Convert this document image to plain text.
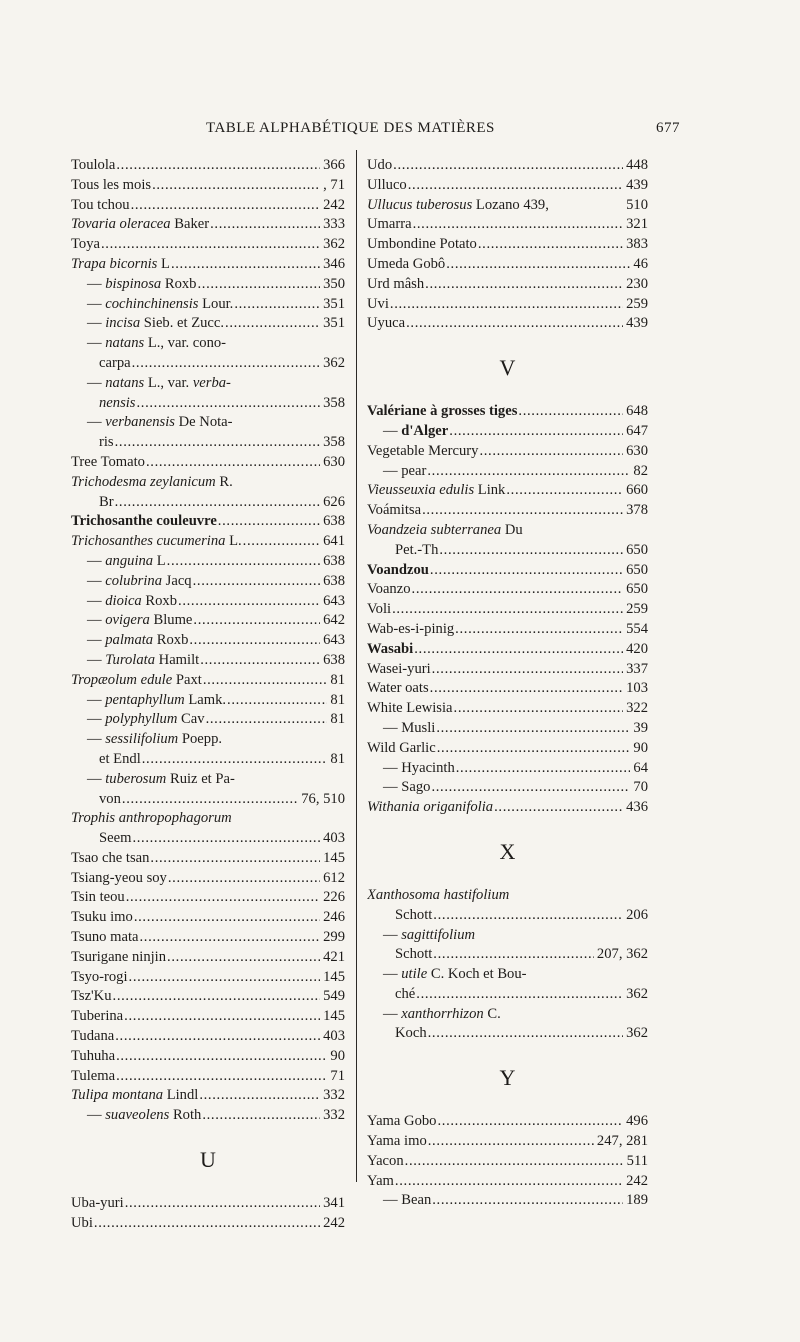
TABLE ALPHABÉTIQUE DES MATIÈRES	677
Toulola . . .	366
Tous les mois . . .	, 71
Tou tchou . . .	242
Tovaria oleracea Baker . . .	333
Toya . . .	362
Trapa bicornis L . . .	346
— bispinosa Roxb . . .	350
— cochinchinensis Lour. . . .	351
— incisa Sieb. et Zucc. . . .	351
— natans L., var. cono-
carpa . . .	362
— natans L., var. verba-
nensis . . .	358
— verbanensis De Nota-
ris . . .	358
Tree Tomato . . .	630
Trichodesma zeylanicum R.
Br . . .	626
Trichosanthe couleuvre . . .	638
Trichosanthes cucumerina L. . . .	641
— anguina L . . .	638
— colubrina Jacq . . .	638
— dioica Roxb . . .	643
— ovigera Blume . . .	642
— palmata Roxb . . .	643
— Turolata Hamilt . . .	638
Tropæolum edule Paxt . . .	81
— pentaphyllum Lamk. . . .	81
— polyphyllum Cav . . .	81
— sessilifolium Poepp.
et Endl . . .	81
— tuberosum Ruiz et Pa-
von . . .	76, 510
Trophis anthropophagorum
Seem . . .	403
Tsao che tsan . . .	145
Tsiang-yeou soy . . .	612
Tsin teou . . .	226
Tsuku imo . . .	246
Tsuno mata . . .	299
Tsurigane ninjin . . .	421
Tsyo-rogi . . .	145
Tsz'Ku . . .	549
Tuberina . . .	145
Tudana . . .	403
Tuhuha . . .	90
Tulema . . .	71
Tulipa montana Lindl . . .	332
— suaveolens Roth . . .	332
U
Uba-yuri . . .	341
Ubi . . .	242
Udo . . .	448
Ulluco . . .	439
Ullucus tuberosus Lozano 439,	510
Umarra . . .	321
Umbondine Potato . . .	383
Umeda Gobô . . .	46
Urd mâsh . . .	230
Uvi . . .	259
Uyuca . . .	439
V
Valériane à grosses tiges . . .	648
— d'Alger . . .	647
Vegetable Mercury . . .	630
— pear . . .	82
Vieusseuxia edulis Link . . .	660
Voámitsa . . .	378
Voandzeia subterranea Du
Pet.-Th . . .	650
Voandzou . . .	650
Voanzo . . .	650
Voli . . .	259
Wab-es-i-pinig . . .	554
Wasabi . . .	420
Wasei-yuri . . .	337
Water oats . . .	103
White Lewisia . . .	322
— Musli . . .	39
Wild Garlic . . .	90
— Hyacinth . . .	64
— Sago . . .	70
Withania origanifolia . . .	436
X
Xanthosoma hastifolium
Schott . . .	206
— sagittifolium
Schott . . .	207, 362
— utile C. Koch et Bou-
ché . . .	362
— xanthorrhizon C.
Koch . . .	362
Y
Yama Gobo . . .	496
Yama imo . . .	247, 281
Yacon . . .	511
Yam . . .	242
— Bean . . .	189
